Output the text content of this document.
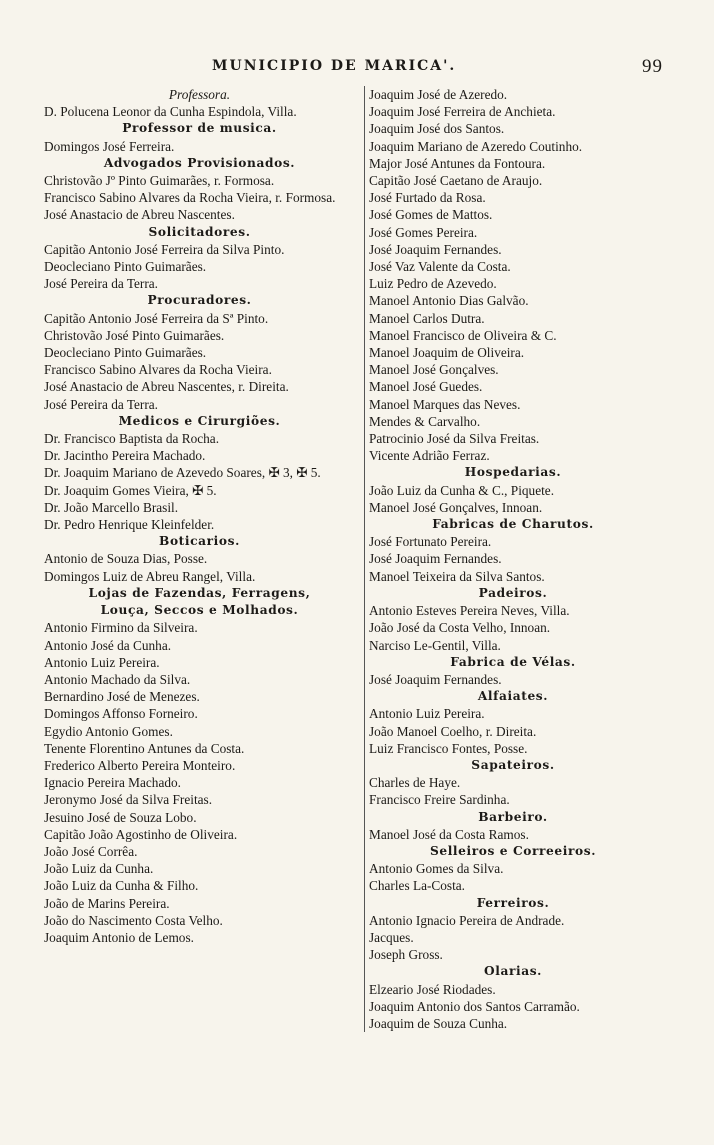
MUNICIPIO DE MARICA'.	99
Professora.
D. Polucena Leonor da Cunha Espindola, Villa.
Professor de musica.
Domingos José Ferreira.
Advogados Provisionados.
Christovão Jº Pinto Guimarães, r. Formosa.
Francisco Sabino Alvares da Rocha Vieira, r. Formosa.
José Anastacio de Abreu Nascentes.
Solicitadores.
Capitão Antonio José Ferreira da Silva Pinto.
Deocleciano Pinto Guimarães.
José Pereira da Terra.
Procuradores.
Capitão Antonio José Ferreira da Sª Pinto.
Christovão José Pinto Guimarães.
Deocleciano Pinto Guimarães.
Francisco Sabino Alvares da Rocha Vieira.
José Anastacio de Abreu Nascentes, r. Direita.
José Pereira da Terra.
Medicos e Cirurgiões.
Dr. Francisco Baptista da Rocha.
Dr. Jacintho Pereira Machado.
Dr. Joaquim Mariano de Azevedo Soares, ✠ 3, ✠ 5.
Dr. Joaquim Gomes Vieira, ✠ 5.
Dr. João Marcello Brasil.
Dr. Pedro Henrique Kleinfelder.
Boticarios.
Antonio de Souza Dias, Posse.
Domingos Luiz de Abreu Rangel, Villa.
Lojas de Fazendas, Ferragens,
Louça, Seccos e Molhados.
Antonio Firmino da Silveira.
Antonio José da Cunha.
Antonio Luiz Pereira.
Antonio Machado da Silva.
Bernardino José de Menezes.
Domingos Affonso Forneiro.
Egydio Antonio Gomes.
Tenente Florentino Antunes da Costa.
Frederico Alberto Pereira Monteiro.
Ignacio Pereira Machado.
Jeronymo José da Silva Freitas.
Jesuino José de Souza Lobo.
Capitão João Agostinho de Oliveira.
João José Corrêa.
João Luiz da Cunha.
João Luiz da Cunha & Filho.
João de Marins Pereira.
João do Nascimento Costa Velho.
Joaquim Antonio de Lemos.
Joaquim José de Azeredo.
Joaquim José Ferreira de Anchieta.
Joaquim José dos Santos.
Joaquim Mariano de Azeredo Coutinho.
Major José Antunes da Fontoura.
Capitão José Caetano de Araujo.
José Furtado da Rosa.
José Gomes de Mattos.
José Gomes Pereira.
José Joaquim Fernandes.
José Vaz Valente da Costa.
Luiz Pedro de Azevedo.
Manoel Antonio Dias Galvão.
Manoel Carlos Dutra.
Manoel Francisco de Oliveira & C.
Manoel Joaquim de Oliveira.
Manoel José Gonçalves.
Manoel José Guedes.
Manoel Marques das Neves.
Mendes & Carvalho.
Patrocinio José da Silva Freitas.
Vicente Adrião Ferraz.
Hospedarias.
João Luiz da Cunha & C., Piquete.
Manoel José Gonçalves, Innoan.
Fabricas de Charutos.
José Fortunato Pereira.
José Joaquim Fernandes.
Manoel Teixeira da Silva Santos.
Padeiros.
Antonio Esteves Pereira Neves, Villa.
João José da Costa Velho, Innoan.
Narciso Le-Gentil, Villa.
Fabrica de Vélas.
José Joaquim Fernandes.
Alfaiates.
Antonio Luiz Pereira.
João Manoel Coelho, r. Direita.
Luiz Francisco Fontes, Posse.
Sapateiros.
Charles de Haye.
Francisco Freire Sardinha.
Barbeiro.
Manoel José da Costa Ramos.
Selleiros e Correeiros.
Antonio Gomes da Silva.
Charles La-Costa.
Ferreiros.
Antonio Ignacio Pereira de Andrade.
Jacques.
Joseph Gross.
Olarias.
Elzeario José Riodades.
Joaquim Antonio dos Santos Carramão.
Joaquim de Souza Cunha.
